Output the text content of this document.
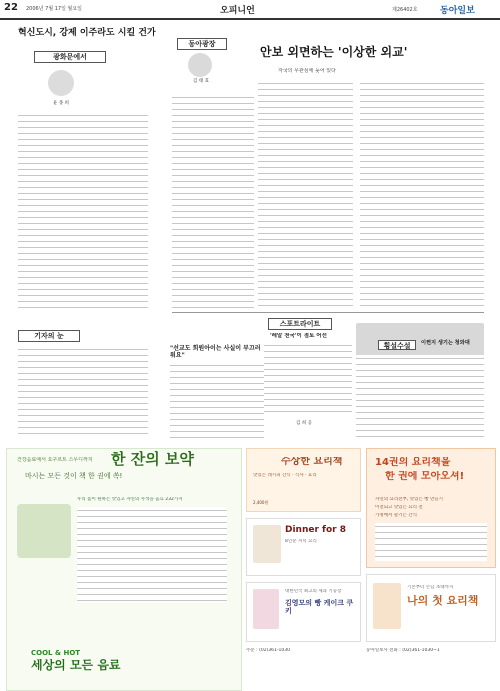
22 2006년 7월 17일 월요일	오피니언	제26402호 동아일보
혁신도시, 강제 이주라도 시킬 건가
광화문에서
윤 종 희
기자의 눈
동아광장
김 태 효
안보 외면하는 '이상한 외교'
자국의 무관심에 늦어 있다
스포트라이트
'레알 천국'이 점토 어선
김 희 공
"선교도 희원아이는 사실이 부끄러워요"
횡설수설	이쩐지 생기는 청와대
건강음료에서 요구르트 스무디까지	한 잔의 보약
마시는 모든 것이 책 한 권에 쏙!
우리 몸이 원하는 맛있고 자연의 사색을 음료 232가지
COOL & HOT
세상의 모든 음료
수상한 요리책
맛있는 레시피 간식 · 식사 · 요리
2,400원
Dinner for 8
8인분 저녁 요리
대한민국 최고의 제과 기능장
김영모의 빵 케이크 쿠키
14권의 요리책을
한 권에 모아오셔!
자연의 요리전부, 맛있는 빵 만들기
이전되고 맛있는 요리 전
가정에서 즐기는 간식
기본부터 손님 초대까지
나의 첫 요리책
주문 : (02)361-1030	동아일보사 전화 : (02)361-1030~1
